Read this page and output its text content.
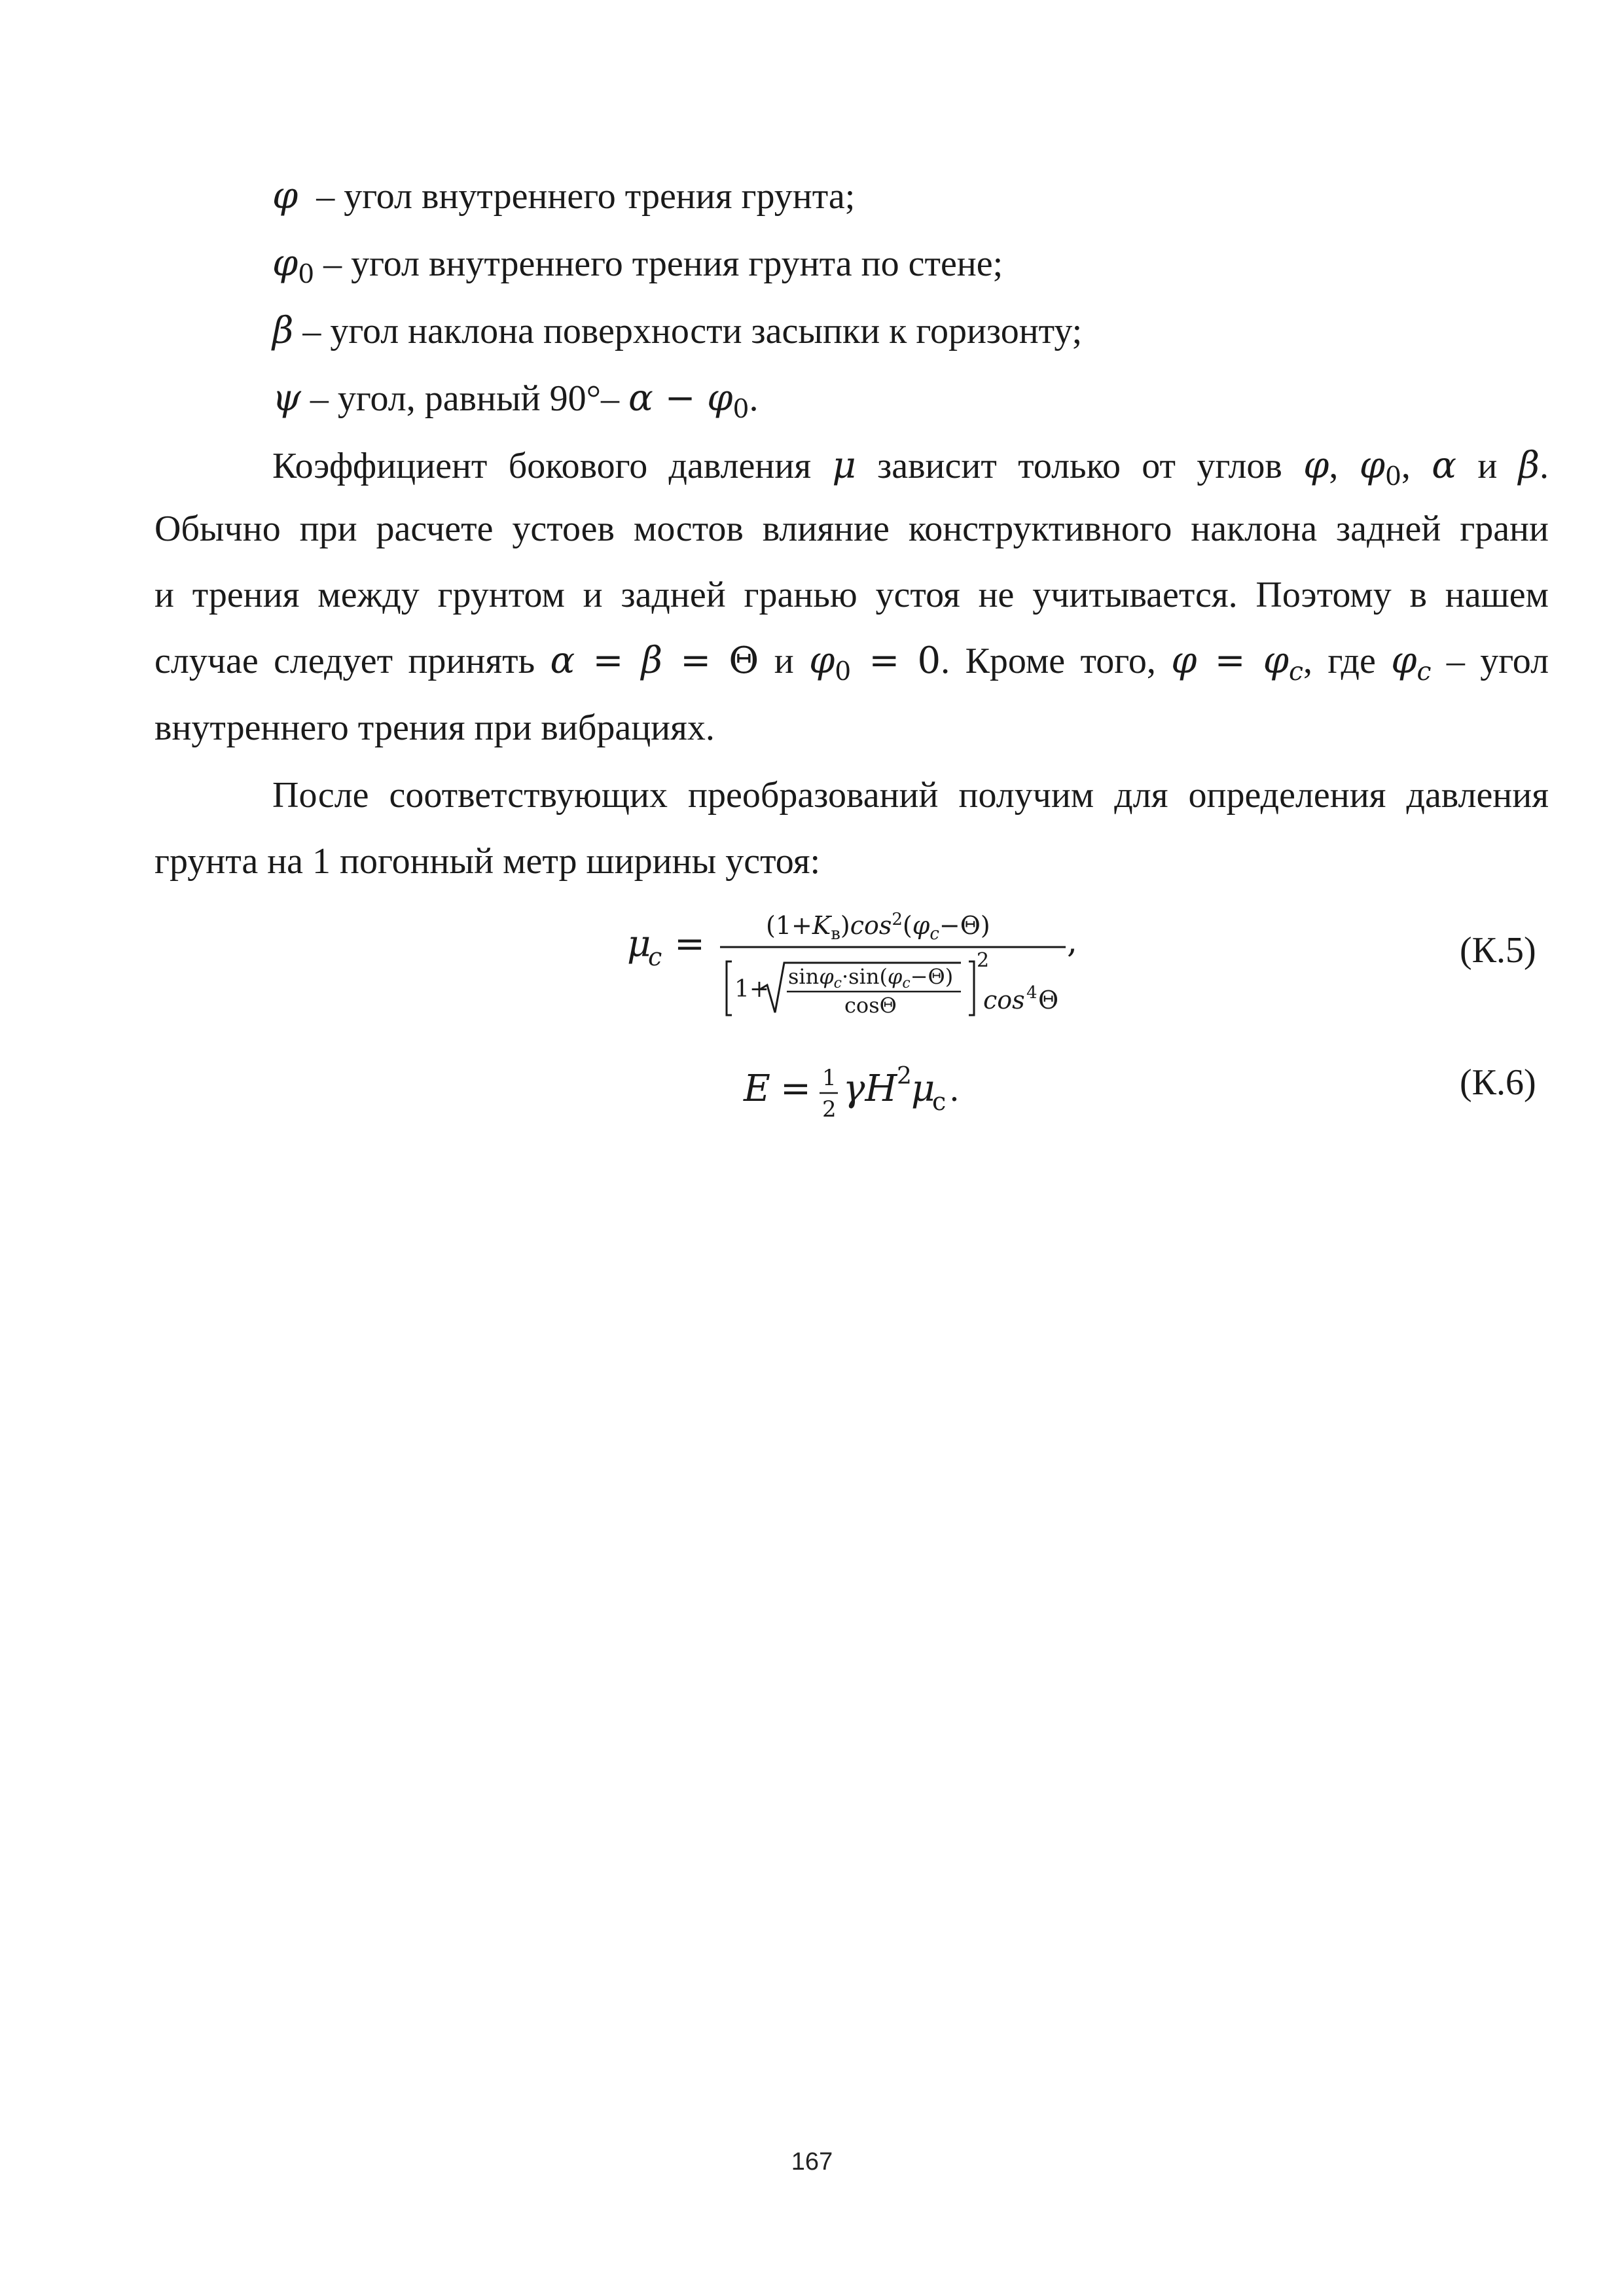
φ  – угол внутреннего трения грунта;
$\varphi_0$ – угол внутреннего трения грунта по стене;
β – угол наклона поверхности засыпки к горизонту;
ψ – угол, равный 90°– $\alpha - \varphi_0$.
Коэффициент бокового давления μ зависит только от углов φ, $\varphi_0$, α и β.
Обычно при расчете устоев мостов влияние конструктивного наклона задней грани
и трения между грунтом и задней гранью устоя не учитывается. Поэтому в нашем
случае следует принять α = β = Θ и $\varphi_0 = 0$. Кроме того, $\varphi = \varphi_c$, где $\varphi_c$ – угол
внутреннего трения при вибрациях.
После соответствующих преобразований получим для определения давления
грунта на 1 погонный метр ширины устоя:
μ
$c = (1+K_в)\cos^2(\varphi_c-\Theta)$ ,
1+ sinφc·sin(φc−Θ)
cosΘ
2
cos 4 Θ
(К.5)
E = 1
2 γH 2 μ
с .	(К.6)
167
